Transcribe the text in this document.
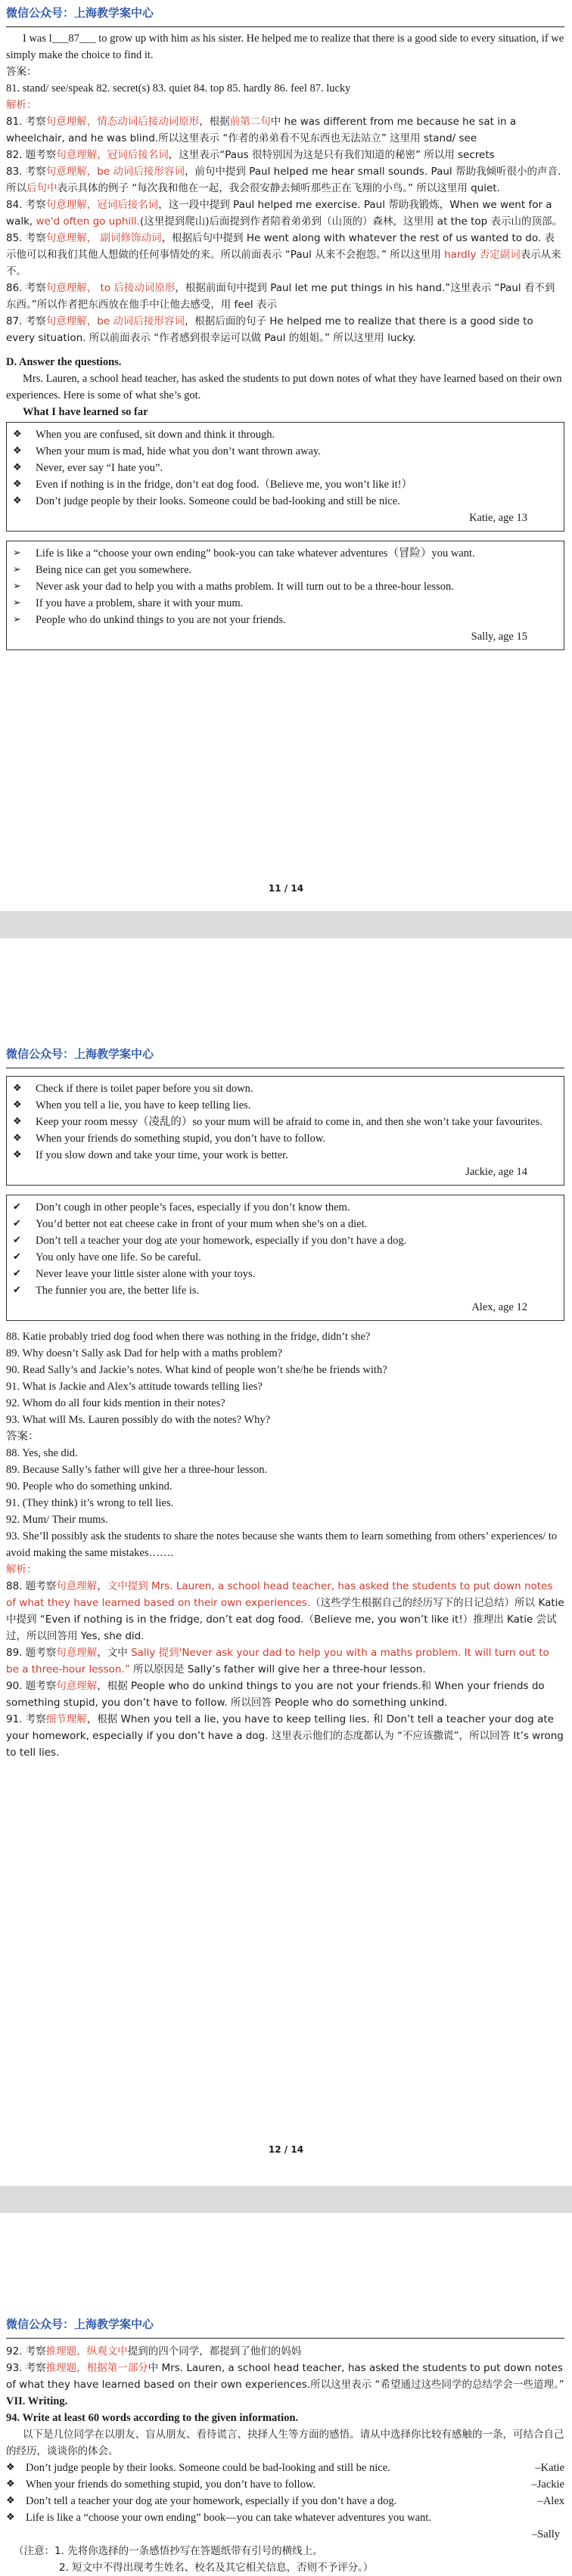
微信公众号：上海教学案中心

I was l___87___ to grow up with him as his sister. He helped me to realize that there is a good side to every situation, if we simply make the choice to find it.

答案：

81. stand/ see/speak 82. secret(s) 83. quiet 84. top 85. hardly 86. feel 87. lucky

解析：

81. 考察句意理解，情态动词后接动词原形，根据前第二句中 he was different from me because he sat in a wheelchair, and he was blind.所以这里表示 “作者的弟弟看不见东西也无法站立” 这里用 stand/ see

82. 题考察句意理解，冠词后接名词，这里表示“Paus 很特别因为这是只有我们知道的秘密” 所以用 secrets

83. 考察句意理解，be 动词后接形容词，前句中提到 Paul helped me hear small sounds. Paul 帮助我倾听很小的声音.所以后句中表示具体的例子 “每次我和他在一起，我会很安静去倾听那些正在飞翔的小鸟。” 所以这里用 quiet.

84. 考察句意理解，冠词后接名词，这一段中提到 Paul helped me exercise. Paul 帮助我锻炼，When we went for a walk, we'd often go uphill.(这里提到爬山)后面提到作者陪着弟弟到（山顶的）森林，这里用 at the top 表示山的顶部。

85. 考察句意理解， 副词修饰动词，根据后句中提到 He went along with whatever the rest of us wanted to do. 表示他可以和我们其他人想做的任何事情处的来。所以前面表示 “Paul 从来不会抱怨。” 所以这里用 hardly 否定副词表示从来不。

86. 考察句意理解， to 后接动词原形，根据前面句中提到 Paul let me put things in his hand.”这里表示 “Paul 看不到东西。”所以作者把东西放在他手中让他去感受，用 feel 表示

87. 考察句意理解，be 动词后接形容词，根据后面的句子 He helped me to realize that there is a good side to every situation. 所以前面表示 “作者感到很幸运可以做 Paul 的姐姐。” 所以这里用 lucky.

D. Answer the questions.

Mrs. Lauren, a school head teacher, has asked the students to put down notes of what they have learned based on their own experiences. Here is some of what she’s got.

What I have learned so far

❖	When you are confused, sit down and think it through.
❖	When your mum is mad, hide what you don’t want thrown away.
❖	Never, ever say “I hate you”.
❖	Even if nothing is in the fridge, don’t eat dog food.（Believe me, you won’t like it!）
❖	Don’t judge people by their looks. Someone could be bad-looking and still be nice.
Katie, age 13
➢	Life is like a “choose your own ending” book-you can take whatever adventures（冒险）you want.
➢	Being nice can get you somewhere.
➢	Never ask your dad to help you with a maths problem. It will turn out to be a three-hour lesson.
➢	If you have a problem, share it with your mum.
➢	People who do unkind things to you are not your friends.
Sally, age 15
11 / 14
微信公众号：上海教学案中心
❖	Check if there is toilet paper before you sit down.
❖	When you tell a lie, you have to keep telling lies.
❖	Keep your room messy（凌乱的）so your mum will be afraid to come in, and then she won’t take your favourites.
❖	When your friends do something stupid, you don’t have to follow.
❖	If you slow down and take your time, your work is better.
Jackie, age 14
✔	Don’t cough in other people’s faces, especially if you don’t know them.
✔	You’d better not eat cheese cake in front of your mum when she’s on a diet.
✔	Don’t tell a teacher your dog ate your homework, especially if you don’t have a dog.
✔	You only have one life. So be careful.
✔	Never leave your little sister alone with your toys.
✔	The funnier you are, the better life is.
Alex, age 12

88. Katie probably tried dog food when there was nothing in the fridge, didn’t she?

89. Why doesn’t Sally ask Dad for help with a maths problem?

90. Read Sally’s and Jackie’s notes. What kind of people won’t she/he be friends with?

91. What is Jackie and Alex’s attitude towards telling lies?

92. Whom do all four kids mention in their notes?

93. What will Ms. Lauren possibly do with the notes? Why?

答案：

88. Yes, she did.

89. Because Sally’s father will give her a three-hour lesson.

90. People who do something unkind.

91. (They think) it’s wrong to tell lies.

92. Mum/ Their mums.

93. She’ll possibly ask the students to share the notes because she wants them to learn something from others’ experiences/ to avoid making the same mistakes…….

解析：

88. 题考察句意理解，文中提到 Mrs. Lauren, a school head teacher, has asked the students to put down notes of what they have learned based on their own experiences.（这些学生根据自己的经历写下的日记总结）所以 Katie 中提到 “Even if nothing is in the fridge, don’t eat dog food.（Believe me, you won’t like it!）推理出 Katie 尝试过，所以回答用 Yes, she did.

89. 题考察句意理解，文中 Sally 提到'Never ask your dad to help you with a maths problem. It will turn out to be a three-hour lesson.” 所以原因是 Sally’s father will give her a three-hour lesson.

90. 题考察句意理解，根据 People who do unkind things to you are not your friends.和 When your friends do something stupid, you don’t have to follow. 所以回答 People who do something unkind.

91. 考察细节理解，根据 When you tell a lie, you have to keep telling lies. 和 Don’t tell a teacher your dog ate your homework, especially if you don’t have a dog. 这里表示他们的态度都认为 “不应该撒谎”，所以回答 It’s wrong to tell lies.

12 / 14
微信公众号：上海教学案中心

92. 考察推理题，纵观文中提到的四个同学，都提到了他们的妈妈

93. 考察推理题，根据第一部分中 Mrs. Lauren, a school head teacher, has asked the students to put down notes of what they have learned based on their own experiences.所以这里表示 “希望通过这些同学的总结学会一些道理。”

VII. Writing.

94. Write at least 60 words according to the given information.

以下是几位同学在以朋友、盲从朋友、看待谎言、抉择人生等方面的感悟。请从中选择你比较有感触的一条，可结合自己的经历，谈谈你的体会。

❖ Don’t judge people by their looks. Someone could be bad-looking and still be nice.	–Katie
❖ When your friends do something stupid, you don’t have to follow.	–Jackie
❖ Don’t tell a teacher your dog ate your homework, especially if you don’t have a dog.	–Alex
❖ Life is like a “choose your own ending” book—you can take whatever adventures you want.
–Sally

（注意：1. 先将你选择的一条感悟抄写在答题纸带有引号的横线上。

2. 短文中不得出现考生姓名、校名及其它相关信息，否则不予评分。）
